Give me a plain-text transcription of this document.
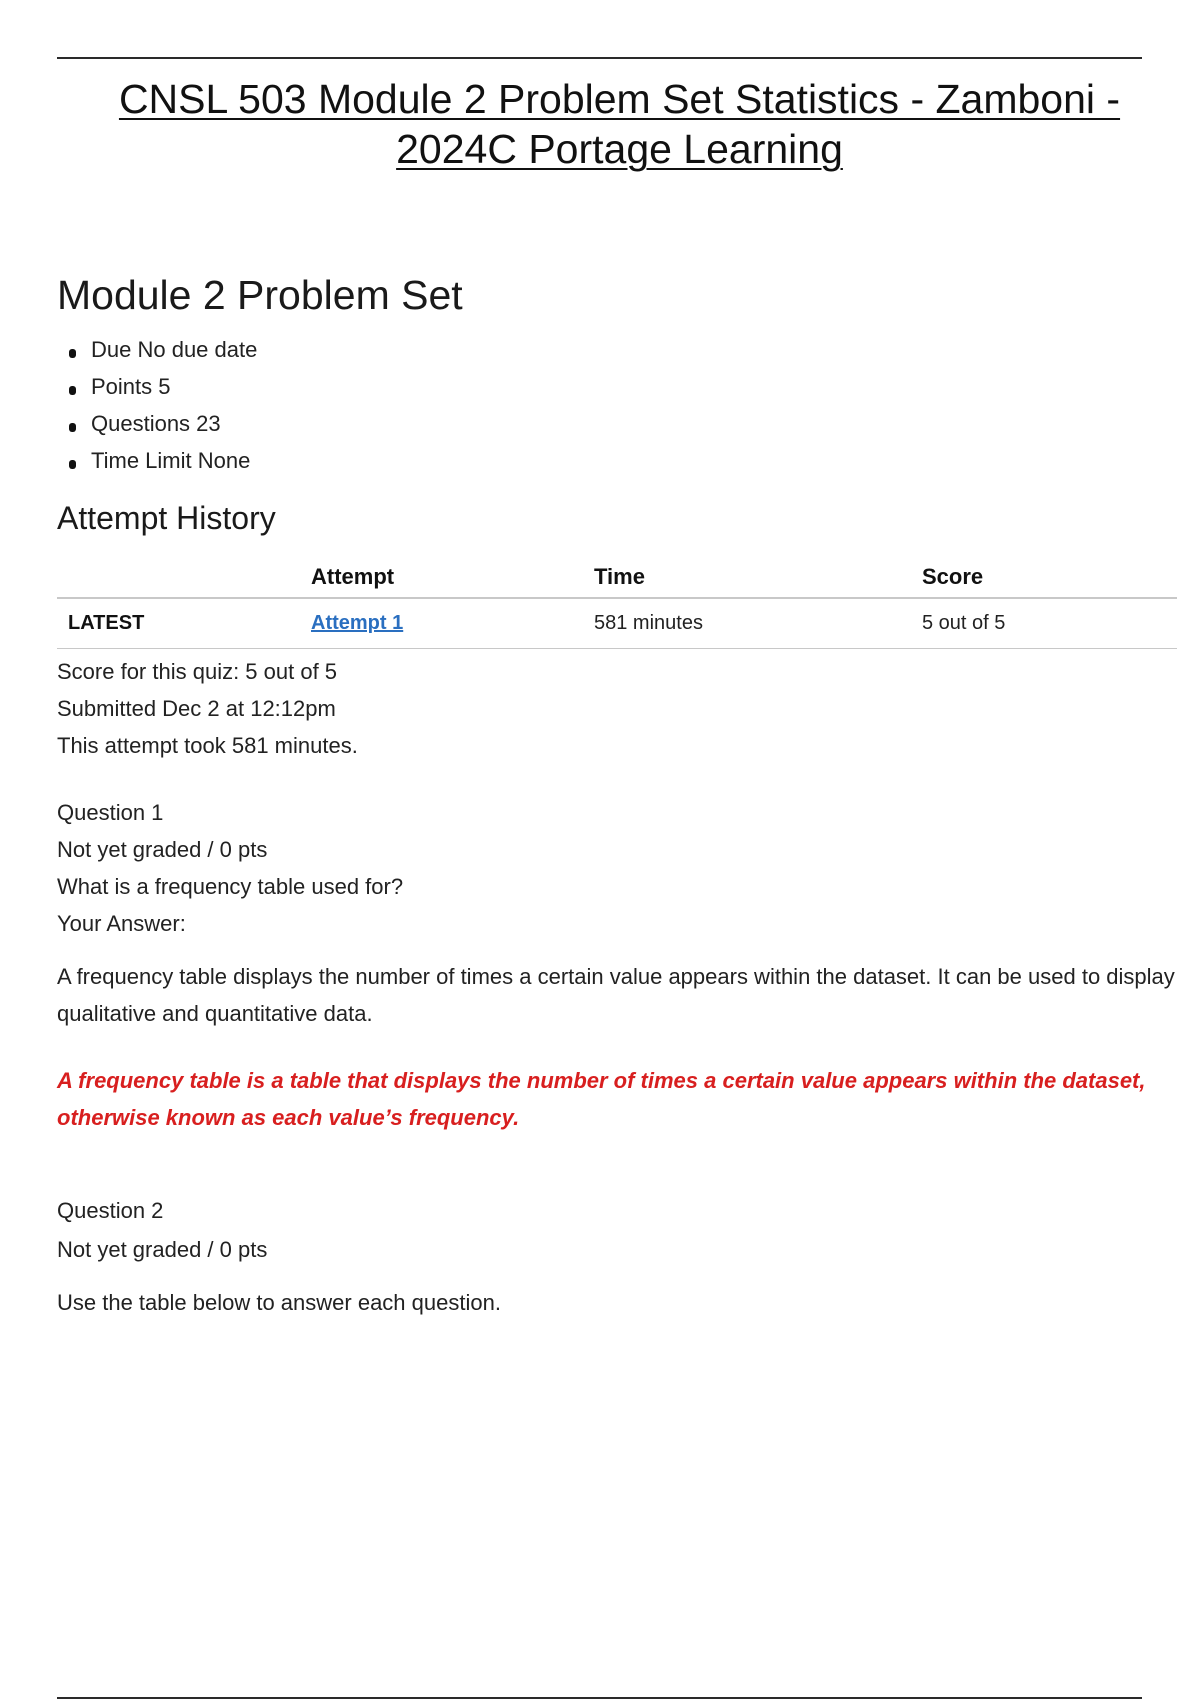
CNSL 503 Module 2 Problem Set Statistics - Zamboni -
2024C Portage Learning
Module 2 Problem Set
Due No due date
Points 5
Questions 23
Time Limit None
Attempt History
	Attempt	Time	Score
LATEST	Attempt 1	581 minutes	5 out of 5
Score for this quiz: 5 out of 5
Submitted Dec 2 at 12:12pm
This attempt took 581 minutes.
Question 1
Not yet graded / 0 pts
What is a frequency table used for?
Your Answer:
A frequency table displays the number of times a certain value appears within the dataset. It can be used to display qualitative and quantitative data.
A frequency table is a table that displays the number of times a certain value appears within the dataset, otherwise known as each value’s frequency.
Question 2
Not yet graded / 0 pts
Use the table below to answer each question.
